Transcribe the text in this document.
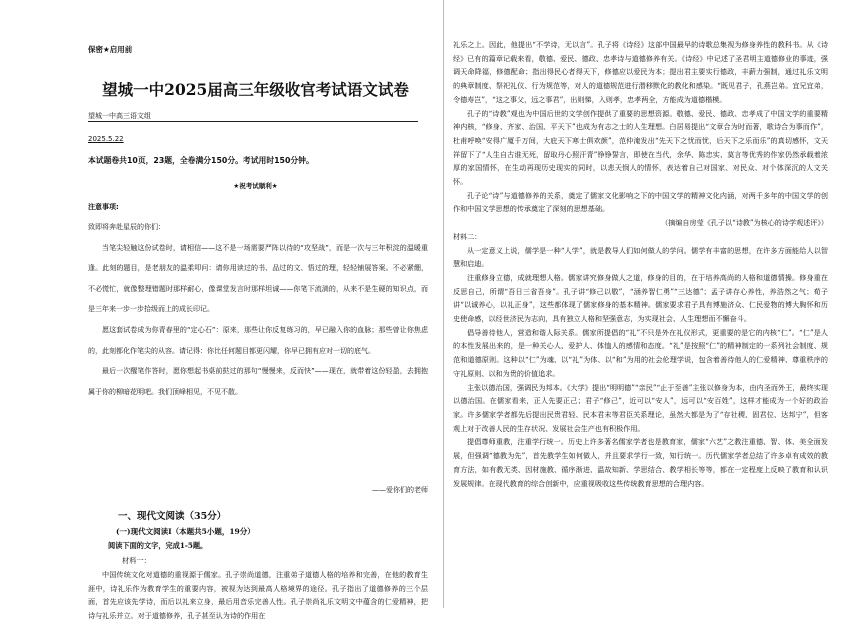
保密★启用前
望城一中2025届高三年级收官考试语文试卷
望城一中高三语文组
2025.5.22
本试题卷共10页，23题，全卷满分150分。考试用时150分钟。
★祝考试顺利★
注意事项:

致即将奔赴星辰的你们：

当笔尖轻触这份试卷时，请相信——这不是一场需要严阵以待的“攻坚战”，而是一次与三年积淀的温暖重逢。此刻的题目，是老朋友的温柔叩问：请你用读过的书、品过的文、悟过的理，轻轻铺展答案。不必紧绷，不必慌忙，就像整理错题时那样耐心，像课堂发言时那样坦诚——你笔下流淌的，从来不是生硬的知识点，而是三年来一步一步拾级而上的成长印记。

愿这套试卷成为你青春里的“定心石”：原来，那些让你反复练习的，早已融入你的血脉；那些曾让你焦虑的，此刻都化作笔尖的从容。请记得：你比任何题目都更闪耀，你早已拥有应对一切的底气。

最后一次醒笔作答时，愿你想起书桌前挞过的那句“慢慢来，反而快”——现在，就带着这份轻盈，去拥抱属于你的柳暗花明吧。我们顶峰相见，不见不散。

——爱你们的老师
一、现代文阅读（35分）
(一)现代文阅读Ⅰ（本题共5小题，19分）
阅读下面的文字，完成1-5题。
材料一：

中国传统文化对道德的重视源于儒家。孔子崇尚道德，注重弟子道德人格的培养和完善，在他的教育生涯中，诗礼乐作为教育学生的重要内容，被视为达到最高人格境界的途径。孔子指出了道德修养的三个层面，首先应该先学诗，而后以礼来立身，最后用音乐完善人性。孔子崇尚礼乐文明文中蕴含的仁爱精神，把诗与礼乐并立。对于道德修养，孔子甚至认为诗的作用在

礼乐之上。因此，他提出“不学诗，无以言”。孔子将《诗经》这部中国最早的诗歌总集视为修身养性的教科书。从《诗经》已有的篇章记载来看，敬德、爱民、德政、忠孝诗与道德修养有关。《诗经》中记述了圣君明主道德修业的事迹，强调天命降福，修德配命；指出得民心者得天下，修德应以爱民为本；提出君主要实行德政，丰薪力强制，通过礼乐文明的典章制度、祭祀礼仪、行为规范等，对人的道德规范进行潜移默化的教化和感染。“既见君子，孔燕岂弟。宜兄宜弟，令德寿岂”，“这之事父，远之事君”，出则悌，入则孝，忠孝两全，方能成为道德楷模。

孔子的“诗教”观也为中国后世的文学创作提供了重要的思想资源。敬德、爱民、德政、忠孝成了中国文学的重要精神内核，“修身、齐家、治国、平天下”也成为有志之士的人生理想。白居易提出“文章合为时而著，歌诗合为事而作”，杜甫呼唤“安得广厦千万间，大庇天下寒士俱欢颜”，范仲淹发出“先天下之忧而忧，后天下之乐而乐”的真切感怀，文天祥留下了“人生自古谁无死，留取丹心照汗青”铮铮誓言，即使在当代，余华、陈忠实、莫言等优秀的作家仍然承载着浓厚的家国情怀，在生动再现历史现实的同时，以悲天悯人的情怀，表达着自己对国家、对民众、对个体深沉的人文关怀。

孔子论“诗”与道德修养的关系，奠定了儒家文化影响之下的中国文学的精神文化内涵，对两千多年的中国文学的创作和中国文学思想的传承奠定了深刻的思想基础。

（摘编自房莹《孔子以“诗教”为核心的诗学观述评》）

材料二：

从一定意义上说，儒学是一种“人学”，就是教导人们如何做人的学问。儒学有丰富的思想，在许多方面能给人以智慧和启迪。

注重修身立德，成就理想人格。儒家讲究修身做人之道，修身的目的，在于培养高尚的人格和道德情操。修身重在反思自己，所谓“吾日三省吾身”。孔子讲“修己以敬”，“涵养智仁勇”“三达德”；孟子讲存心养性，养浩然之气；荀子讲“以诚养心，以礼正身”，这些都体现了儒家修身的基本精神。儒家要求君子具有博施济众、仁民爱物的博大胸怀和历史使命感，以经世济民为志向，具有独立人格和坚强意志，为实现社会、人生理想而不懈奋斗。

倡导善待他人，营造和谐人际关系。儒家所提倡的“礼”不只是外在礼仪形式，更重要的是它的内核“仁”。“仁”是人的本性发展出来的，是一种关心人、爱护人、体恤人的感情和态度。“礼”是按照“仁”的精神制定的一系列社会制度、规范和道德原则。这种以“仁”为魂、以“礼”为体、以“和”为用的社会伦理学说，包含着善待他人的仁爱精神、尊重秩序的守礼原则、以和为贵的价值追求。

主张以德治国，强调民为邦本。《大学》提出“明明德”“亲民”“止于至善”主张以修身为本，由内圣而外王，最终实现以德治国。在儒家看来，正人先要正己；君子“修己”，近可以“安人”，远可以“安百姓”，这样才能成为一个好的政治家。许多儒家学者都先后提出民贵君轻、民本君末等君臣关系理论，虽然大都是为了“存社稷、固君位、达邦宁”，但客观上对于改善人民的生存状况、发展社会生产也有积极作用。

提倡尊师重教，注重学行统一。历史上许多著名儒家学者也是教育家，儒家“六艺”之教注重德、智、体、美全面发展，但强调“德教为先”，首先教学生如何做人，并且要求学行一致，知行统一。历代儒家学者总结了许多卓有成效的教育方法，如有教无类、因材施教、循序渐进、温故知新、学思结合、教学相长等等，都在一定程度上反映了教育和认识发展规律。在现代教育的综合创新中，应重视吸收这些传统教育思想的合理内容。
